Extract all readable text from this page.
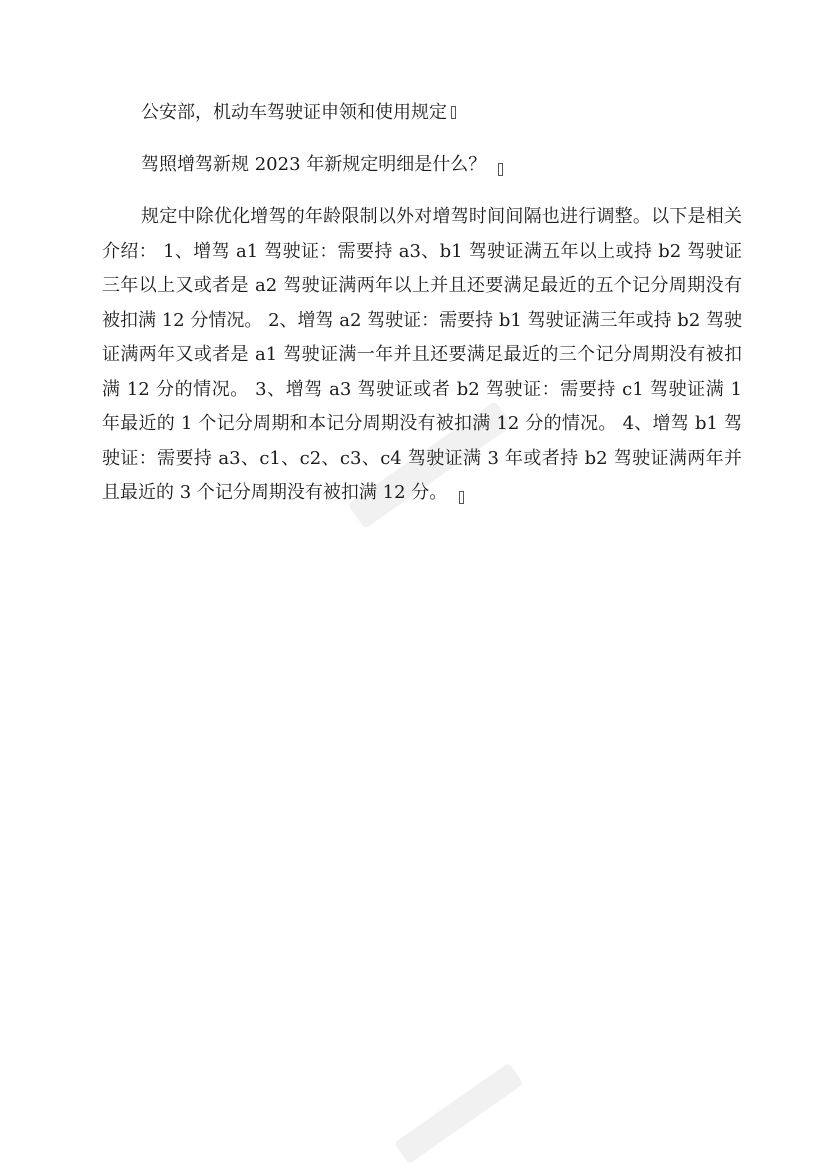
公安部，机动车驾驶证申领和使用规定
驾照增驾新规 2023 年新规定明细是什么？

规定中除优化增驾的年龄限制以外对增驾时间间隔也进行调整。以下是相关介绍： 1、增驾 a1 驾驶证：需要持 a3、b1 驾驶证满五年以上或持 b2 驾驶证三年以上又或者是 a2 驾驶证满两年以上并且还要满足最近的五个记分周期没有被扣满 12 分情况。 2、增驾 a2 驾驶证：需要持 b1 驾驶证满三年或持 b2 驾驶证满两年又或者是 a1 驾驶证满一年并且还要满足最近的三个记分周期没有被扣满 12 分的情况。 3、增驾 a3 驾驶证或者 b2 驾驶证：需要持 c1 驾驶证满 1 年最近的 1 个记分周期和本记分周期没有被扣满 12 分的情况。 4、增驾 b1 驾驶证：需要持 a3、c1、c2、c3、c4 驾驶证满 3 年或者持 b2 驾驶证满两年并且最近的 3 个记分周期没有被扣满 12 分。
